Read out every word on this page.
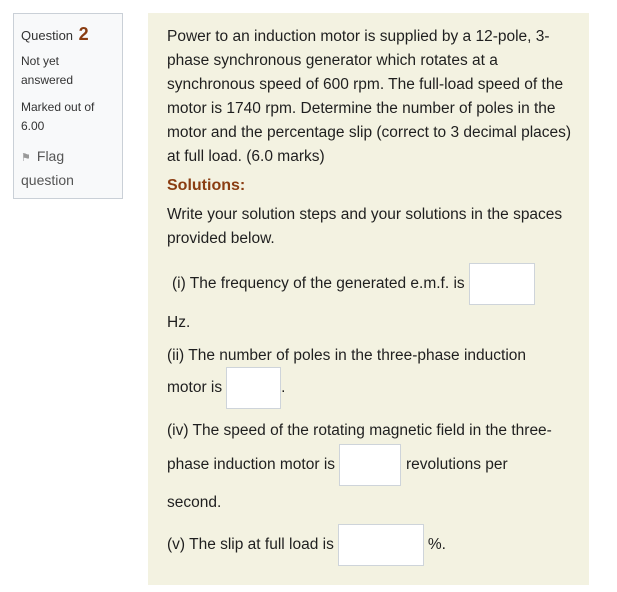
Question 2
Not yet
answered
Marked out of
6.00
⚑ Flag
question
Power to an induction motor is supplied by a 12-pole, 3-phase synchronous generator which rotates at a synchronous speed of 600 rpm. The full-load speed of the motor is 1740 rpm. Determine the number of poles in the motor and the percentage slip (correct to 3 decimal places) at full load. (6.0 marks)
Solutions:
Write your solution steps and your solutions in the spaces provided below.
(i) The frequency of the generated e.m.f. is
Hz.
(ii) The number of poles in the three-phase induction
motor is	.
(iv) The speed of the rotating magnetic field in the three-
phase induction motor is	revolutions per
second.
(v) The slip at full load is	%.
